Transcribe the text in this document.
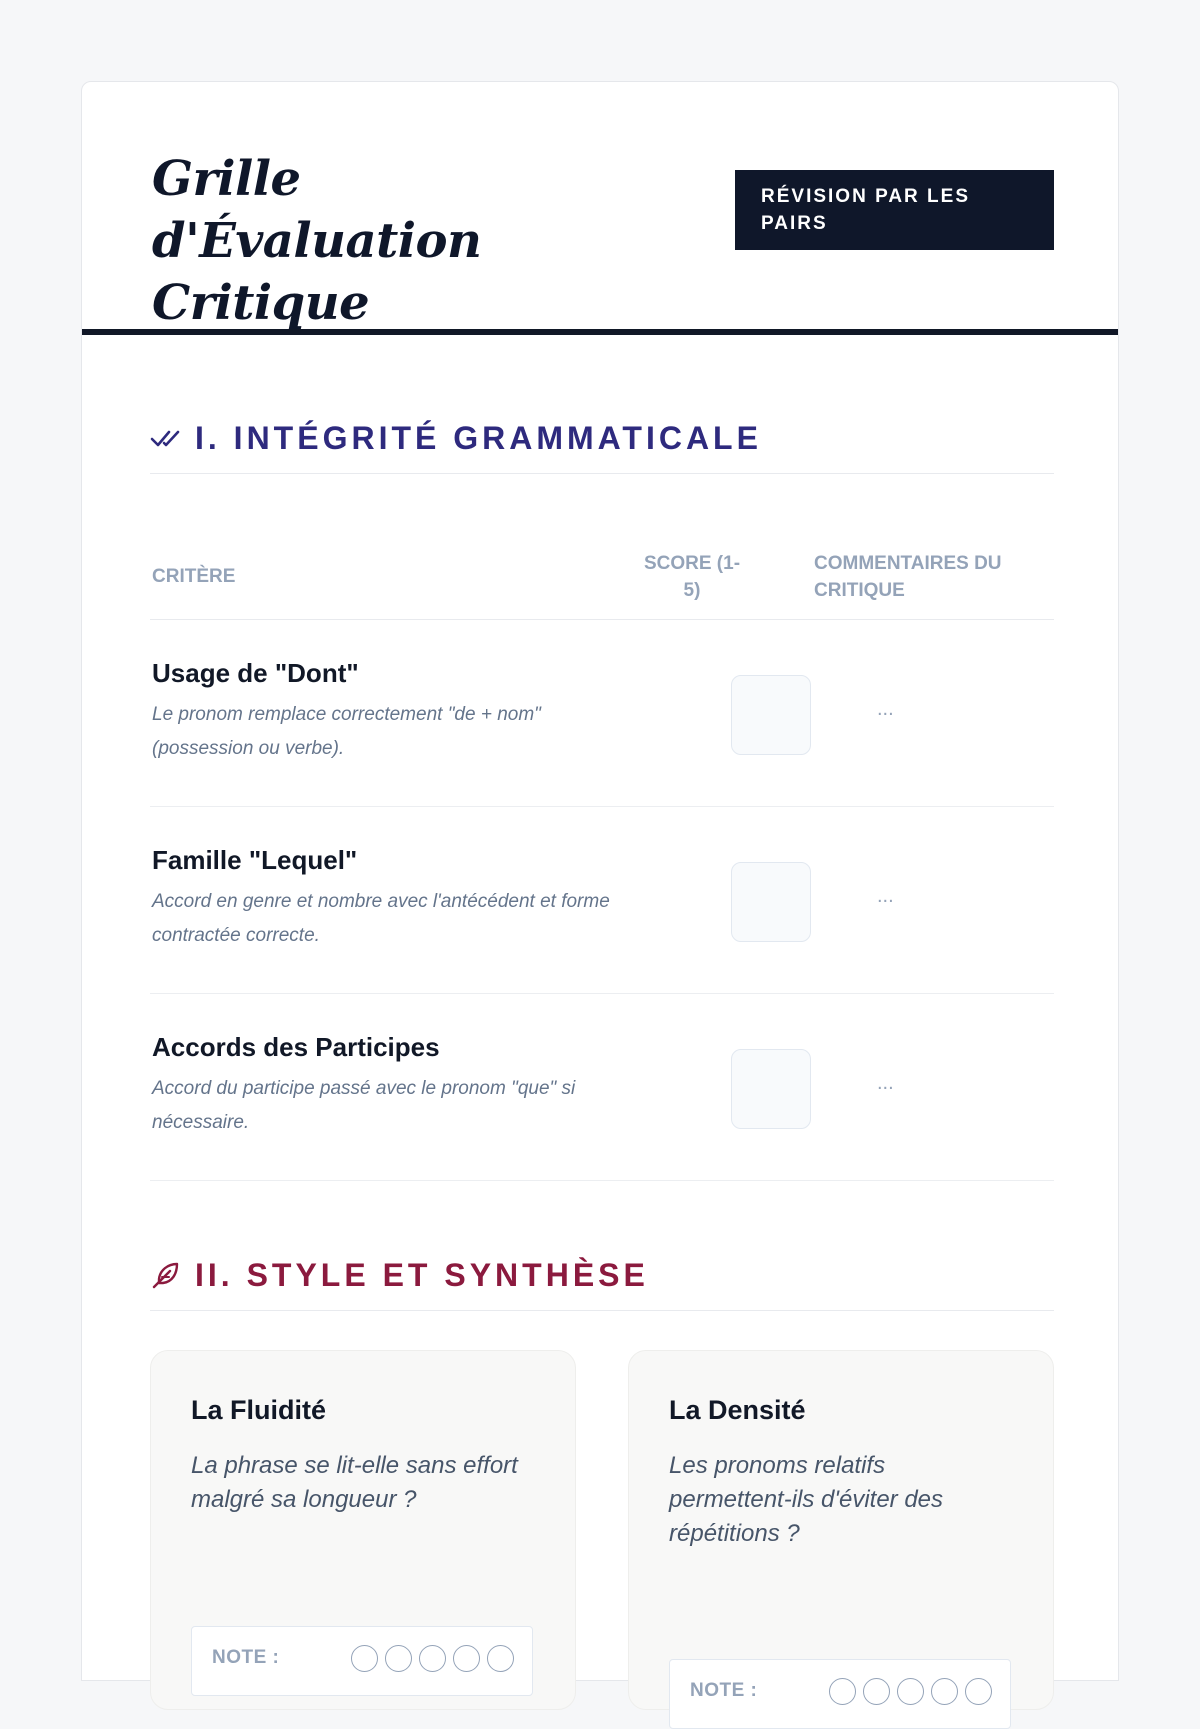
Grille d'Évaluation Critique
RÉVISION PAR LES PAIRS
I. INTÉGRITÉ GRAMMATICALE
CRITÈRE
SCORE (1-5)
COMMENTAIRES DU CRITIQUE
Usage de "Dont"
Le pronom remplace correctement "de + nom" (possession ou verbe).
...
Famille "Lequel"
Accord en genre et nombre avec l'antécédent et forme contractée correcte.
...
Accords des Participes
Accord du participe passé avec le pronom "que" si nécessaire.
...
II. STYLE ET SYNTHÈSE
La Fluidité
La phrase se lit-elle sans effort malgré sa longueur ?
NOTE :
La Densité
Les pronoms relatifs permettent-ils d'éviter des répétitions ?
NOTE :
